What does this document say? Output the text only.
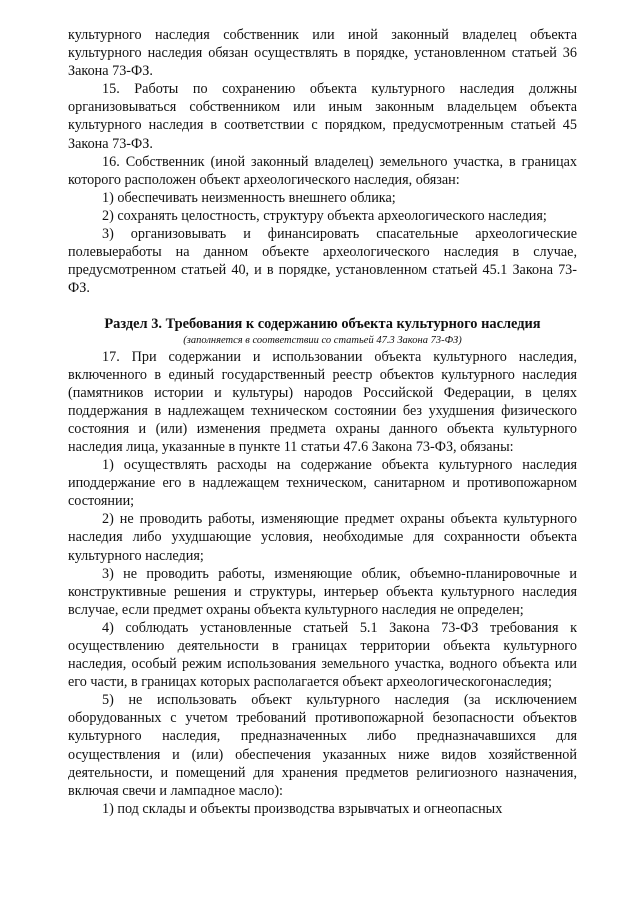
культурного наследия собственник или иной законный владелец объекта культурного наследия обязан осуществлять в порядке, установленном статьей 36 Закона 73-ФЗ.

15. Работы по сохранению объекта культурного наследия должны организовываться собственником или иным законным владельцем объекта культурного наследия в соответствии с порядком, предусмотренным статьей 45 Закона 73-ФЗ.

16. Собственник (иной законный владелец) земельного участка, в границах которого расположен объект археологического наследия, обязан:

1) обеспечивать неизменность внешнего облика;

2) сохранять целостность, структуру объекта археологического наследия;

3) организовывать и финансировать спасательные археологические полевыеработы на данном объекте археологического наследия в случае, предусмотренном статьей 40, и в порядке, установленном статьей 45.1 Закона 73-ФЗ.

Раздел 3. Требования к содержанию объекта культурного наследия
(заполняется в соответствии со статьей 47.3 Закона 73-ФЗ)

17. При содержании и использовании объекта культурного наследия, включенного в единый государственный реестр объектов культурного наследия (памятников истории и культуры) народов Российской Федерации, в целях поддержания в надлежащем техническом состоянии без ухудшения физического состояния и (или) изменения предмета охраны данного объекта культурного наследия лица, указанные в пункте 11 статьи 47.6 Закона 73-ФЗ, обязаны:

1) осуществлять расходы на содержание объекта культурного наследия иподдержание его в надлежащем техническом, санитарном и противопожарном состоянии;

2) не проводить работы, изменяющие предмет охраны объекта культурного наследия либо ухудшающие условия, необходимые для сохранности объекта культурного наследия;

3) не проводить работы, изменяющие облик, объемно-планировочные и конструктивные решения и структуры, интерьер объекта культурного наследия вслучае, если предмет охраны объекта культурного наследия не определен;

4) соблюдать установленные статьей 5.1 Закона 73-ФЗ требования к осуществлению деятельности в границах территории объекта культурного наследия, особый режим использования земельного участка, водного объекта или его части, в границах которых располагается объект археологическогонаследия;

5) не использовать объект культурного наследия (за исключением оборудованных с учетом требований противопожарной безопасности объектов культурного наследия, предназначенных либо предназначавшихся для осуществления и (или) обеспечения указанных ниже видов хозяйственной деятельности, и помещений для хранения предметов религиозного назначения, включая свечи и лампадное масло):

1) под склады и объекты производства взрывчатых и огнеопасных
